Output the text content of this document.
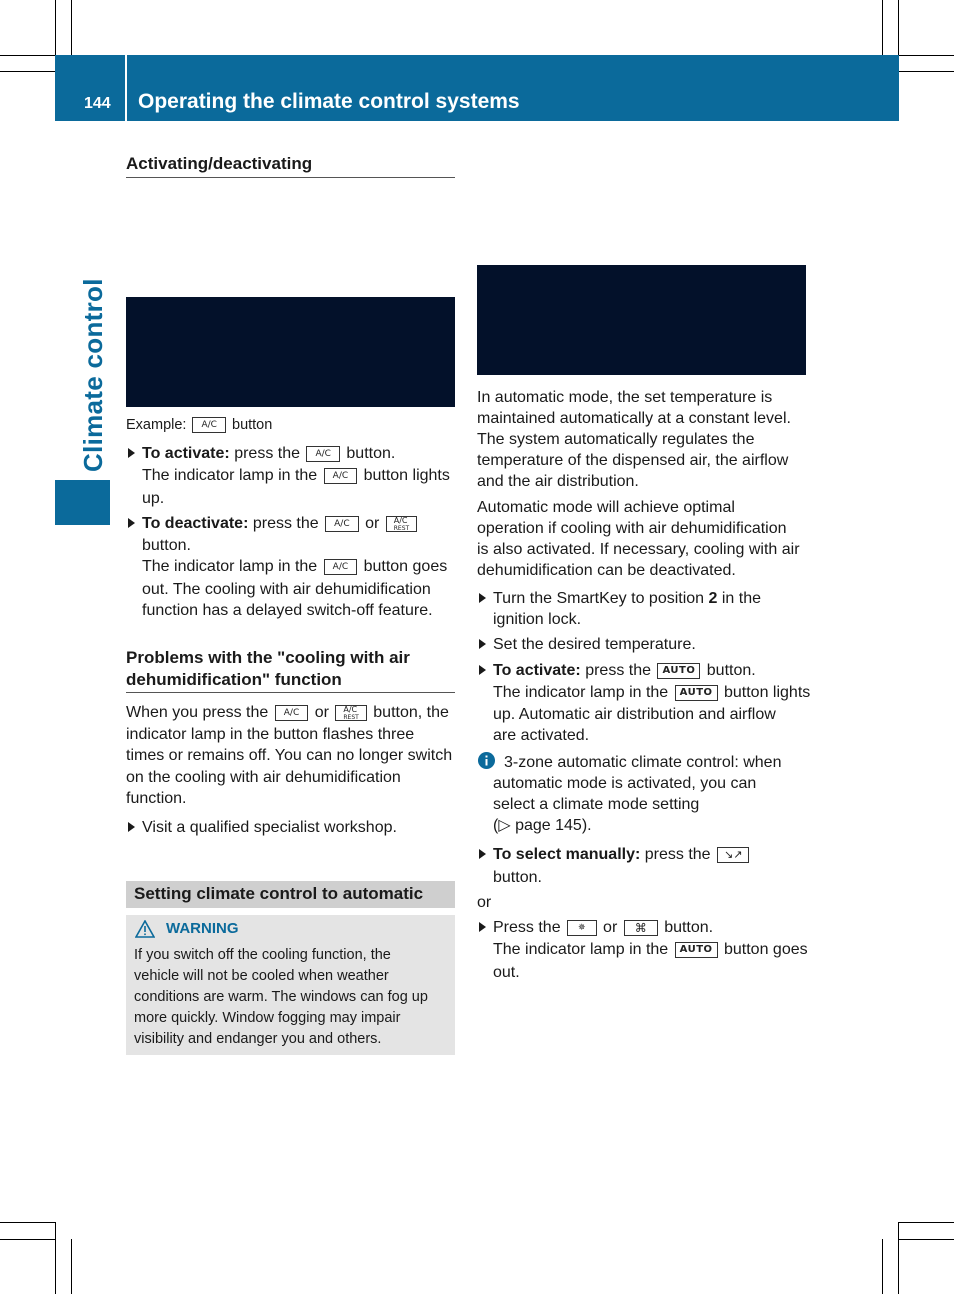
144 Operating the climate control systems
Climate control
Activating/deactivating
Example: A/C button
To activate: press the A/C button.
The indicator lamp in the A/C button lights
up.
To deactivate: press the A/C or A/C
REST
button.
The indicator lamp in the A/C button goes
out. The cooling with air dehumidification
function has a delayed switch-off feature.
Problems with the "cooling with air
dehumidification" function
When you press the A/C or A/C
REST button, the
indicator lamp in the button flashes three
times or remains off. You can no longer switch
on the cooling with air dehumidification
function.
Visit a qualified specialist workshop.
Setting climate control to automatic
WARNING
If you switch off the cooling function, the
vehicle will not be cooled when weather
conditions are warm. The windows can fog up
more quickly. Window fogging may impair
visibility and endanger you and others.
In automatic mode, the set temperature is
maintained automatically at a constant level.
The system automatically regulates the
temperature of the dispensed air, the airflow
and the air distribution.
Automatic mode will achieve optimal
operation if cooling with air dehumidification
is also activated. If necessary, cooling with air
dehumidification can be deactivated.
Turn the SmartKey to position 2 in the
ignition lock.
Set the desired temperature.
To activate: press the AUTO button.
The indicator lamp in the AUTO button lights
up. Automatic air distribution and airflow
are activated.
3-zone automatic climate control: when
automatic mode is activated, you can
select a climate mode setting
(▷ page 145).
To select manually: press the ↘↗
button.
or
Press the ✵ or ⌘ button.
The indicator lamp in the AUTO button goes
out.
